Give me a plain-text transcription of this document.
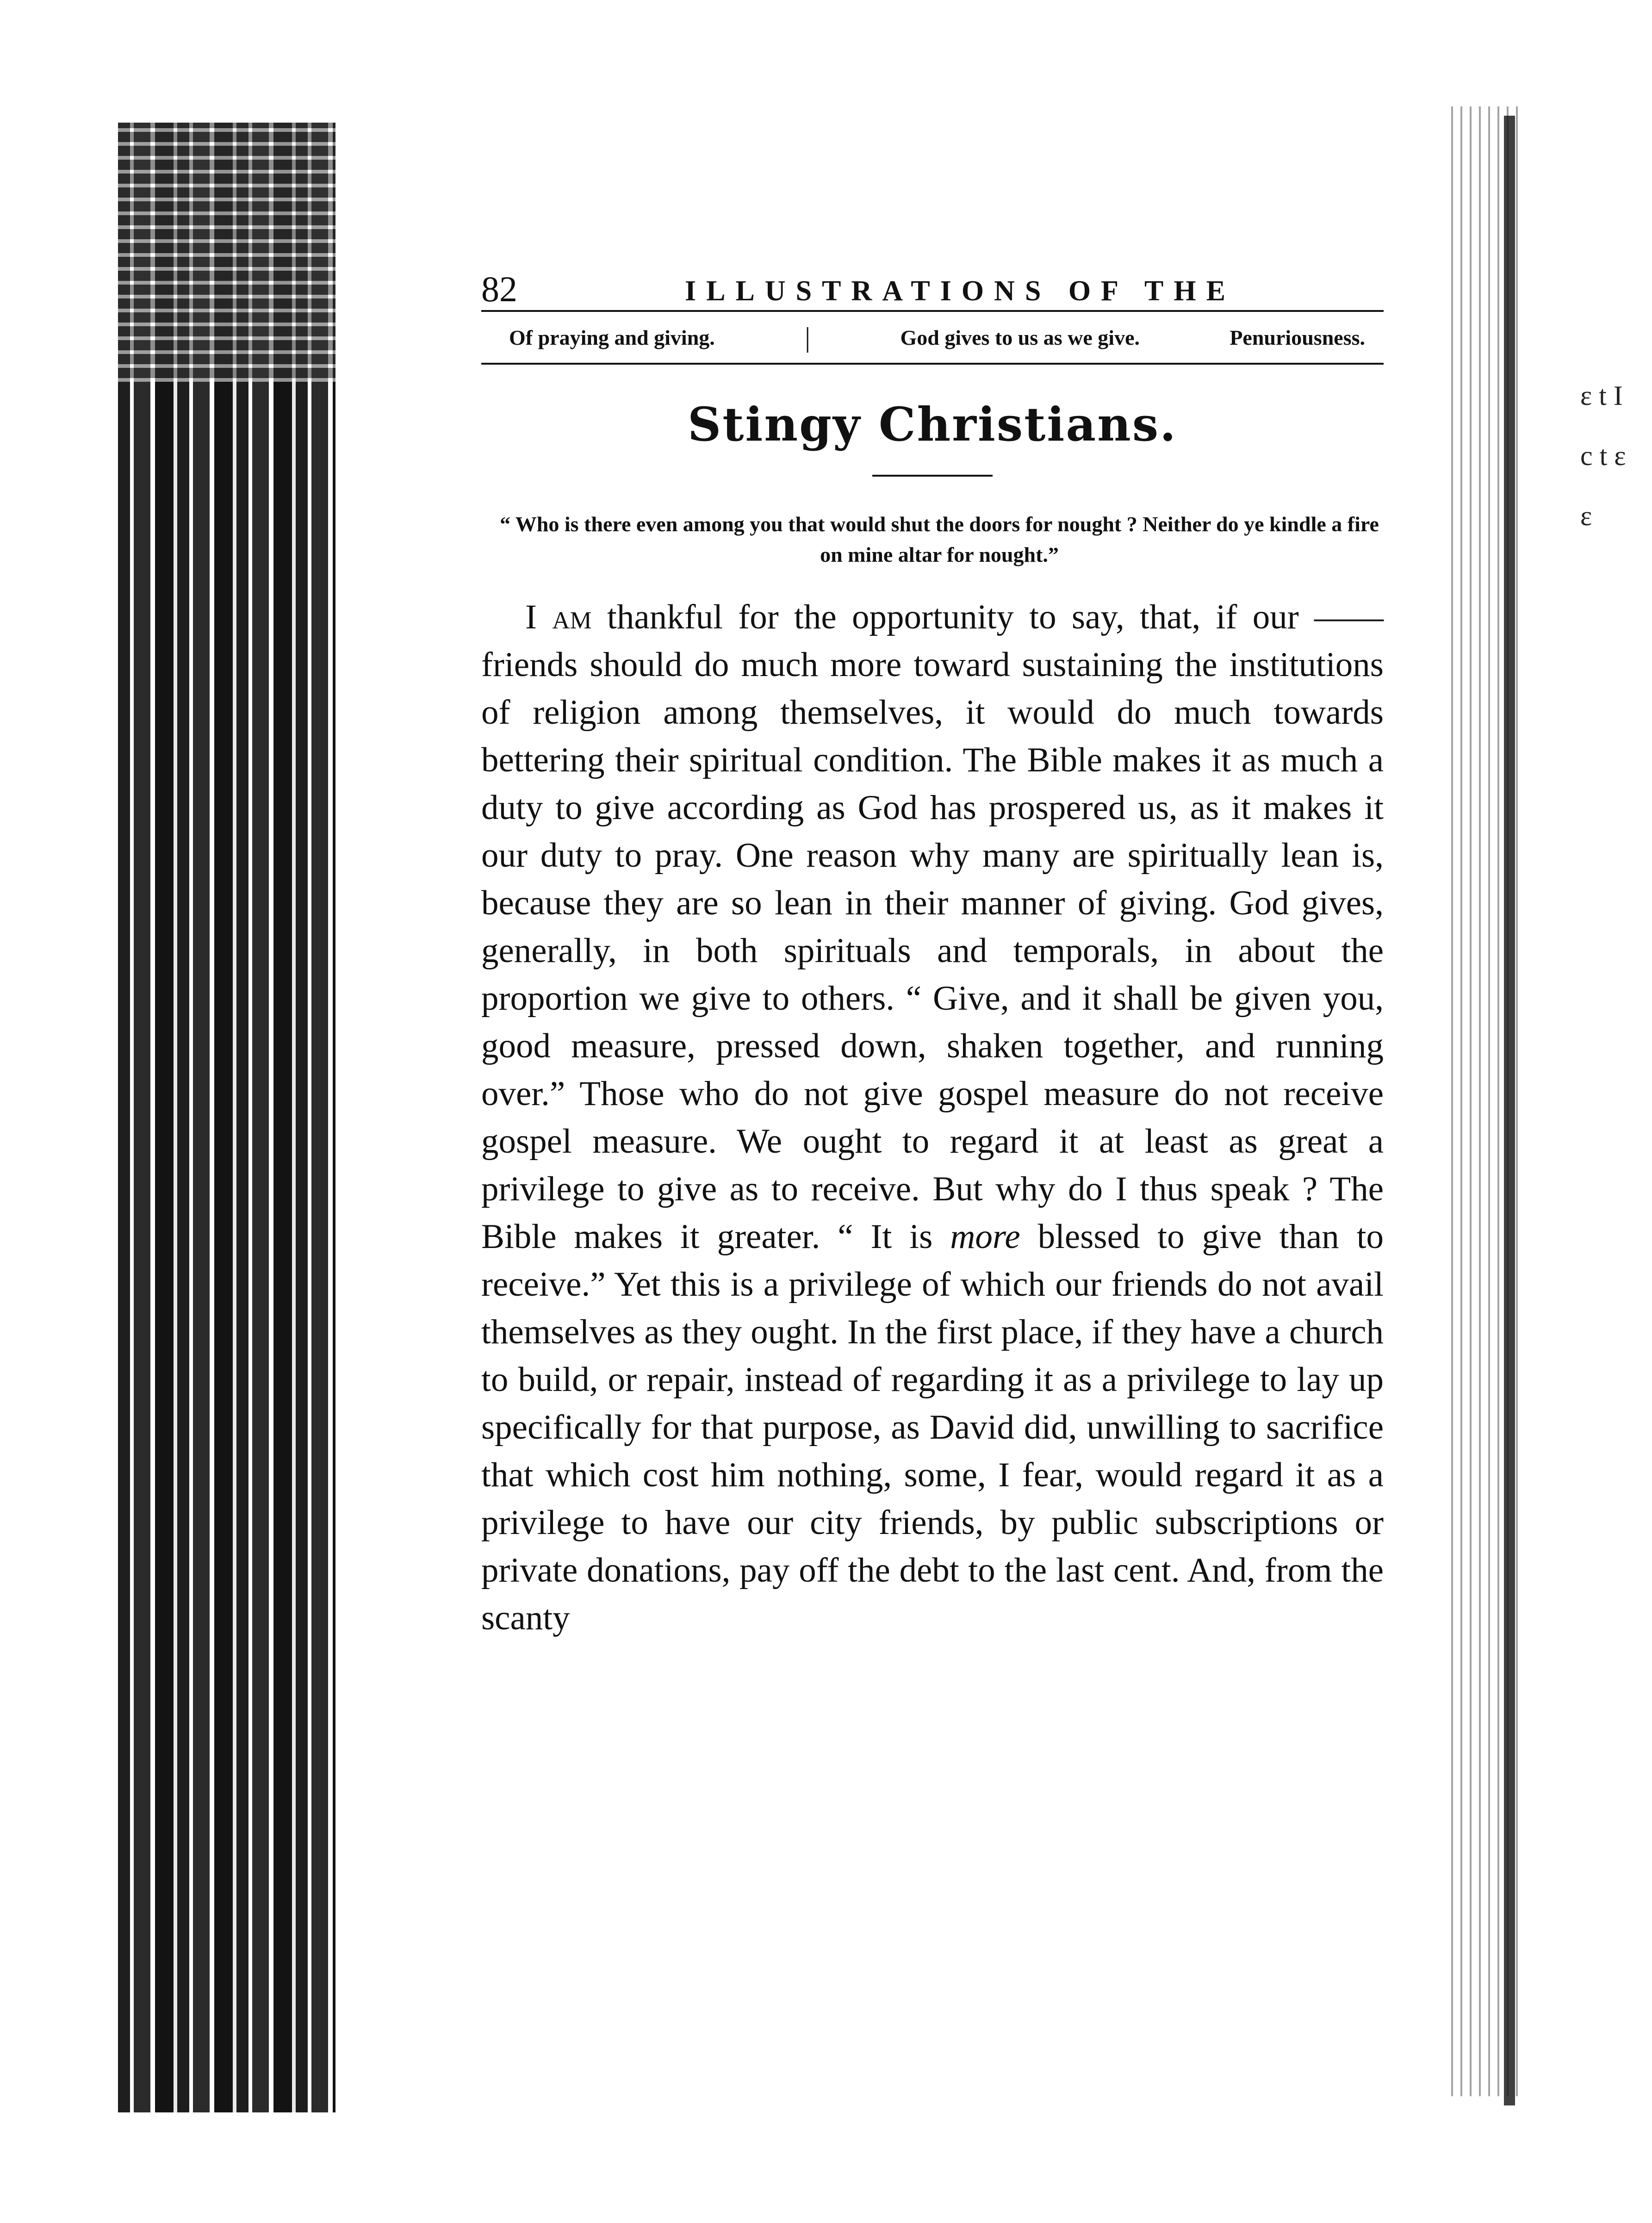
ε t I c t ε ε
82	ILLUSTRATIONS OF THE
Of praying and giving.	|	God gives to us as we give.	Penuriousness.
Stingy Christians.
“ Who is there even among you that would shut the doors for nought ? Neither do ye kindle a fire on mine altar for nought.”

I am thankful for the opportunity to say, that, if our —— friends should do much more toward sustaining the institutions of religion among themselves, it would do much towards bettering their spiritual condition. The Bible makes it as much a duty to give according as God has prospered us, as it makes it our duty to pray. One reason why many are spiritually lean is, because they are so lean in their manner of giving. God gives, generally, in both spirituals and temporals, in about the proportion we give to others. “ Give, and it shall be given you, good measure, pressed down, shaken together, and running over.” Those who do not give gospel measure do not receive gospel measure. We ought to regard it at least as great a privilege to give as to receive. But why do I thus speak ? The Bible makes it greater. “ It is more blessed to give than to receive.” Yet this is a privilege of which our friends do not avail themselves as they ought. In the first place, if they have a church to build, or repair, instead of regarding it as a privilege to lay up specifically for that purpose, as David did, unwilling to sacrifice that which cost him nothing, some, I fear, would regard it as a privilege to have our city friends, by public subscriptions or private donations, pay off the debt to the last cent. And, from the scanty
